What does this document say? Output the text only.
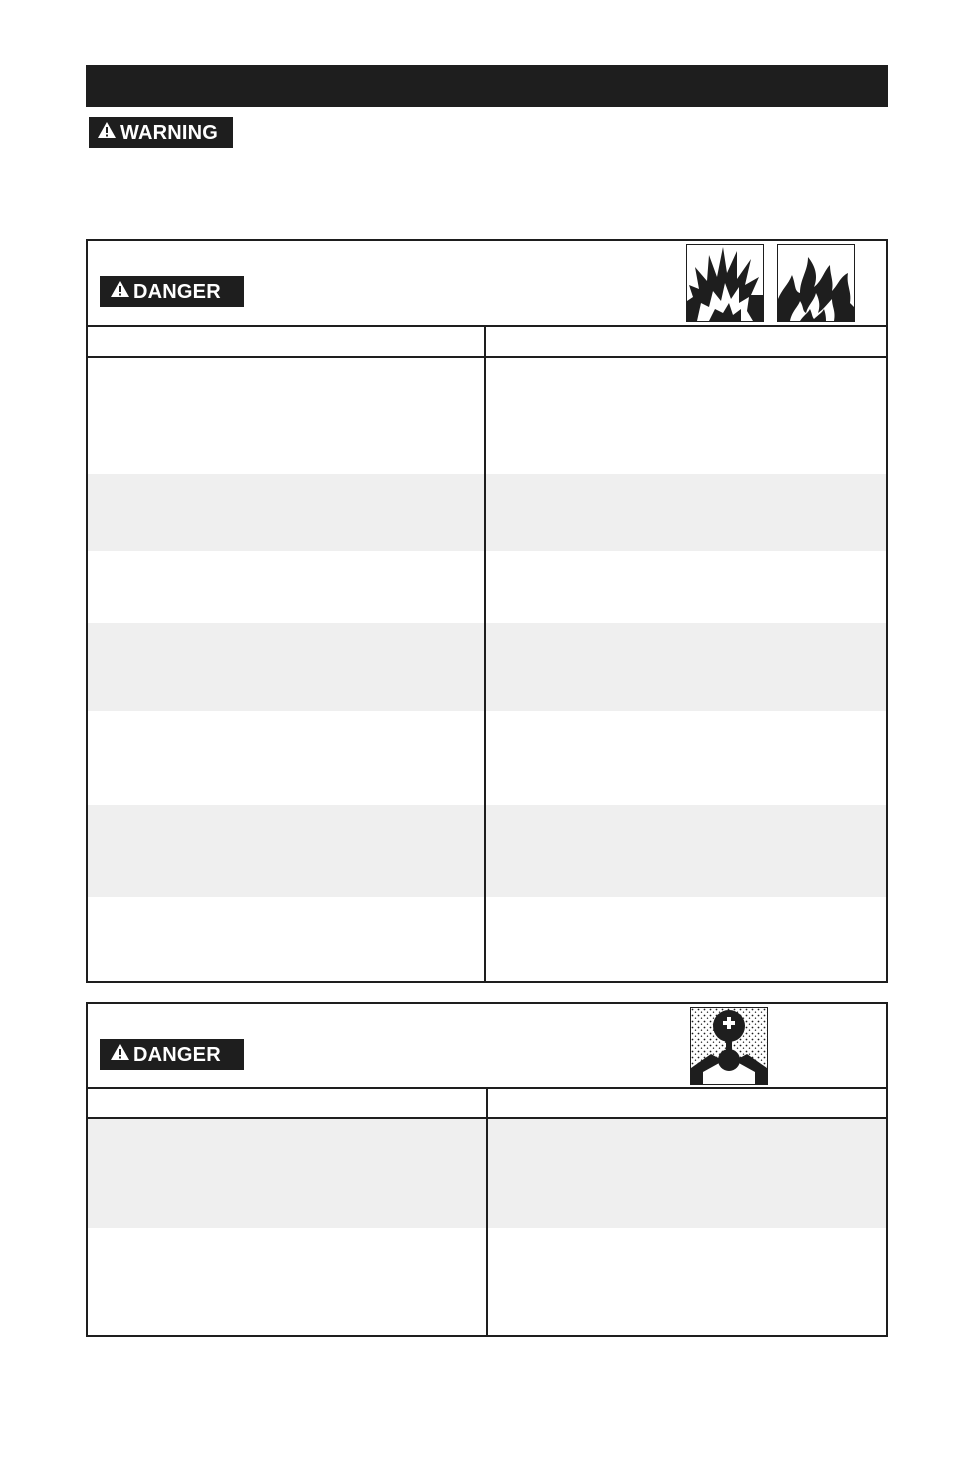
WARNING
DANGER
DANGER
